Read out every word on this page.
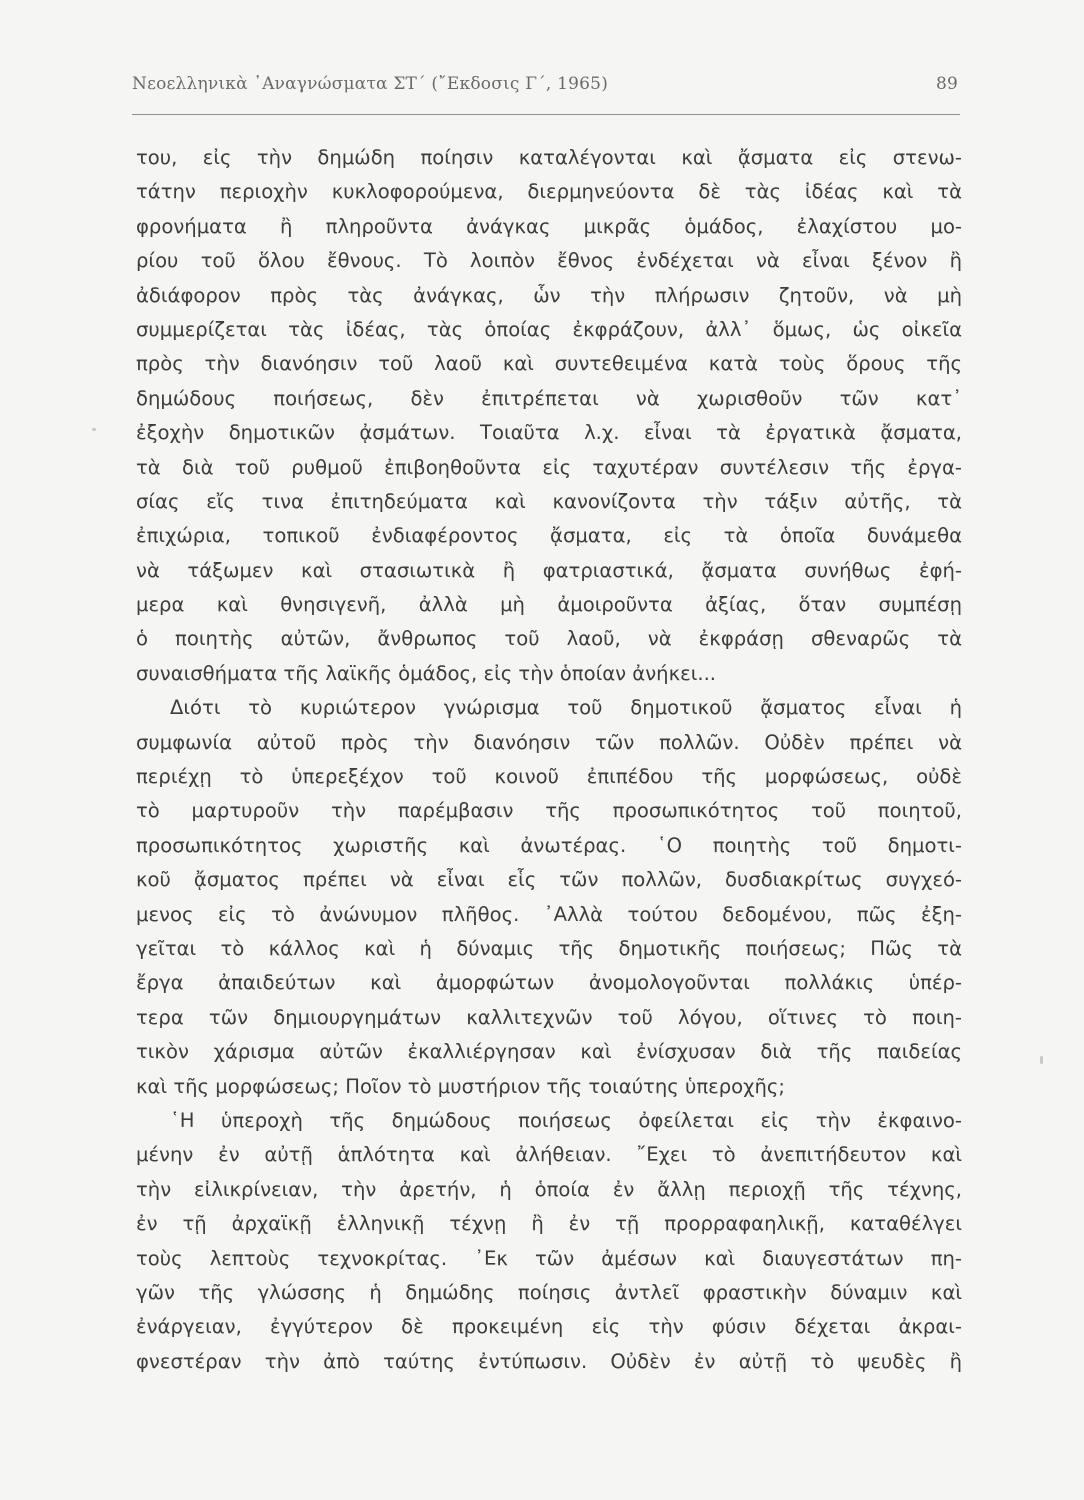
Νεοελληνικὰ ᾿Αναγνώσματα ΣΤ΄ (῎Εκδοσις Γ΄, 1965)	89
του, εἰς τὴν δημώδη ποίησιν καταλέγονται καὶ ᾄσματα εἰς στενω-
τάτην περιοχὴν κυκλοφορούμενα, διερμηνεύοντα δὲ τὰς ἰδέας καὶ τὰ
φρονήματα ἢ πληροῦντα ἀνάγκας μικρᾶς ὁμάδος, ἐλαχίστου μο-
ρίου τοῦ ὅλου ἔθνους. Τὸ λοιπὸν ἔθνος ἐνδέχεται νὰ εἶναι ξένον ἢ
ἀδιάφορον πρὸς τὰς ἀνάγκας, ὧν τὴν πλήρωσιν ζητοῦν, νὰ μὴ
συμμερίζεται τὰς ἰδέας, τὰς ὁποίας ἐκφράζουν, ἀλλ᾿ ὅμως, ὡς οἰκεῖα
πρὸς τὴν διανόησιν τοῦ λαοῦ καὶ συντεθειμένα κατὰ τοὺς ὅρους τῆς
δημώδους ποιήσεως, δὲν ἐπιτρέπεται νὰ χωρισθοῦν τῶν κατ᾿
ἐξοχὴν δημοτικῶν ᾀσμάτων. Τοιαῦτα λ.χ. εἶναι τὰ ἐργατικὰ ᾄσματα,
τὰ διὰ τοῦ ρυθμοῦ ἐπιβοηθοῦντα εἰς ταχυτέραν συντέλεσιν τῆς ἐργα-
σίας εἴς τινα ἐπιτηδεύματα καὶ κανονίζοντα τὴν τάξιν αὐτῆς, τὰ
ἐπιχώρια, τοπικοῦ ἐνδιαφέροντος ᾄσματα, εἰς τὰ ὁποῖα δυνάμεθα
νὰ τάξωμεν καὶ στασιωτικὰ ἢ φατριαστικά, ᾄσματα συνήθως ἐφή-
μερα καὶ θνησιγενῆ, ἀλλὰ μὴ ἀμοιροῦντα ἀξίας, ὅταν συμπέσῃ
ὁ ποιητὴς αὐτῶν, ἄνθρωπος τοῦ λαοῦ, νὰ ἐκφράσῃ σθεναρῶς τὰ
συναισθήματα τῆς λαϊκῆς ὁμάδος, εἰς τὴν ὁποίαν ἀνήκει...
Διότι τὸ κυριώτερον γνώρισμα τοῦ δημοτικοῦ ᾄσματος εἶναι ἡ
συμφωνία αὐτοῦ πρὸς τὴν διανόησιν τῶν πολλῶν. Οὐδὲν πρέπει νὰ
περιέχῃ τὸ ὑπερεξέχον τοῦ κοινοῦ ἐπιπέδου τῆς μορφώσεως, οὐδὲ
τὸ μαρτυροῦν τὴν παρέμβασιν τῆς προσωπικότητος τοῦ ποιητοῦ,
προσωπικότητος χωριστῆς καὶ ἀνωτέρας. ῾Ο ποιητὴς τοῦ δημοτι-
κοῦ ᾄσματος πρέπει νὰ εἶναι εἷς τῶν πολλῶν, δυσδιακρίτως συγχεό-
μενος εἰς τὸ ἀνώνυμον πλῆθος. ᾿Αλλὰ τούτου δεδομένου, πῶς ἐξη-
γεῖται τὸ κάλλος καὶ ἡ δύναμις τῆς δημοτικῆς ποιήσεως; Πῶς τὰ
ἔργα ἀπαιδεύτων καὶ ἀμορφώτων ἀνομολογοῦνται πολλάκις ὑπέρ-
τερα τῶν δημιουργημάτων καλλιτεχνῶν τοῦ λόγου, οἵτινες τὸ ποιη-
τικὸν χάρισμα αὐτῶν ἐκαλλιέργησαν καὶ ἐνίσχυσαν διὰ τῆς παιδείας
καὶ τῆς μορφώσεως; Ποῖον τὸ μυστήριον τῆς τοιαύτης ὑπεροχῆς;
῾Η ὑπεροχὴ τῆς δημώδους ποιήσεως ὀφείλεται εἰς τὴν ἐκφαινο-
μένην ἐν αὐτῇ ἁπλότητα καὶ ἀλήθειαν. ῎Εχει τὸ ἀνεπιτήδευτον καὶ
τὴν εἰλικρίνειαν, τὴν ἀρετήν, ἡ ὁποία ἐν ἄλλῃ περιοχῇ τῆς τέχνης,
ἐν τῇ ἀρχαϊκῇ ἑλληνικῇ τέχνῃ ἢ ἐν τῇ προρραφαηλικῇ, καταθέλγει
τοὺς λεπτοὺς τεχνοκρίτας. ᾿Εκ τῶν ἀμέσων καὶ διαυγεστάτων πη-
γῶν τῆς γλώσσης ἡ δημώδης ποίησις ἀντλεῖ φραστικὴν δύναμιν καὶ
ἐνάργειαν, ἐγγύτερον δὲ προκειμένη εἰς τὴν φύσιν δέχεται ἀκραι-
φνεστέραν τὴν ἀπὸ ταύτης ἐντύπωσιν. Οὐδὲν ἐν αὐτῇ τὸ ψευδὲς ἢ
